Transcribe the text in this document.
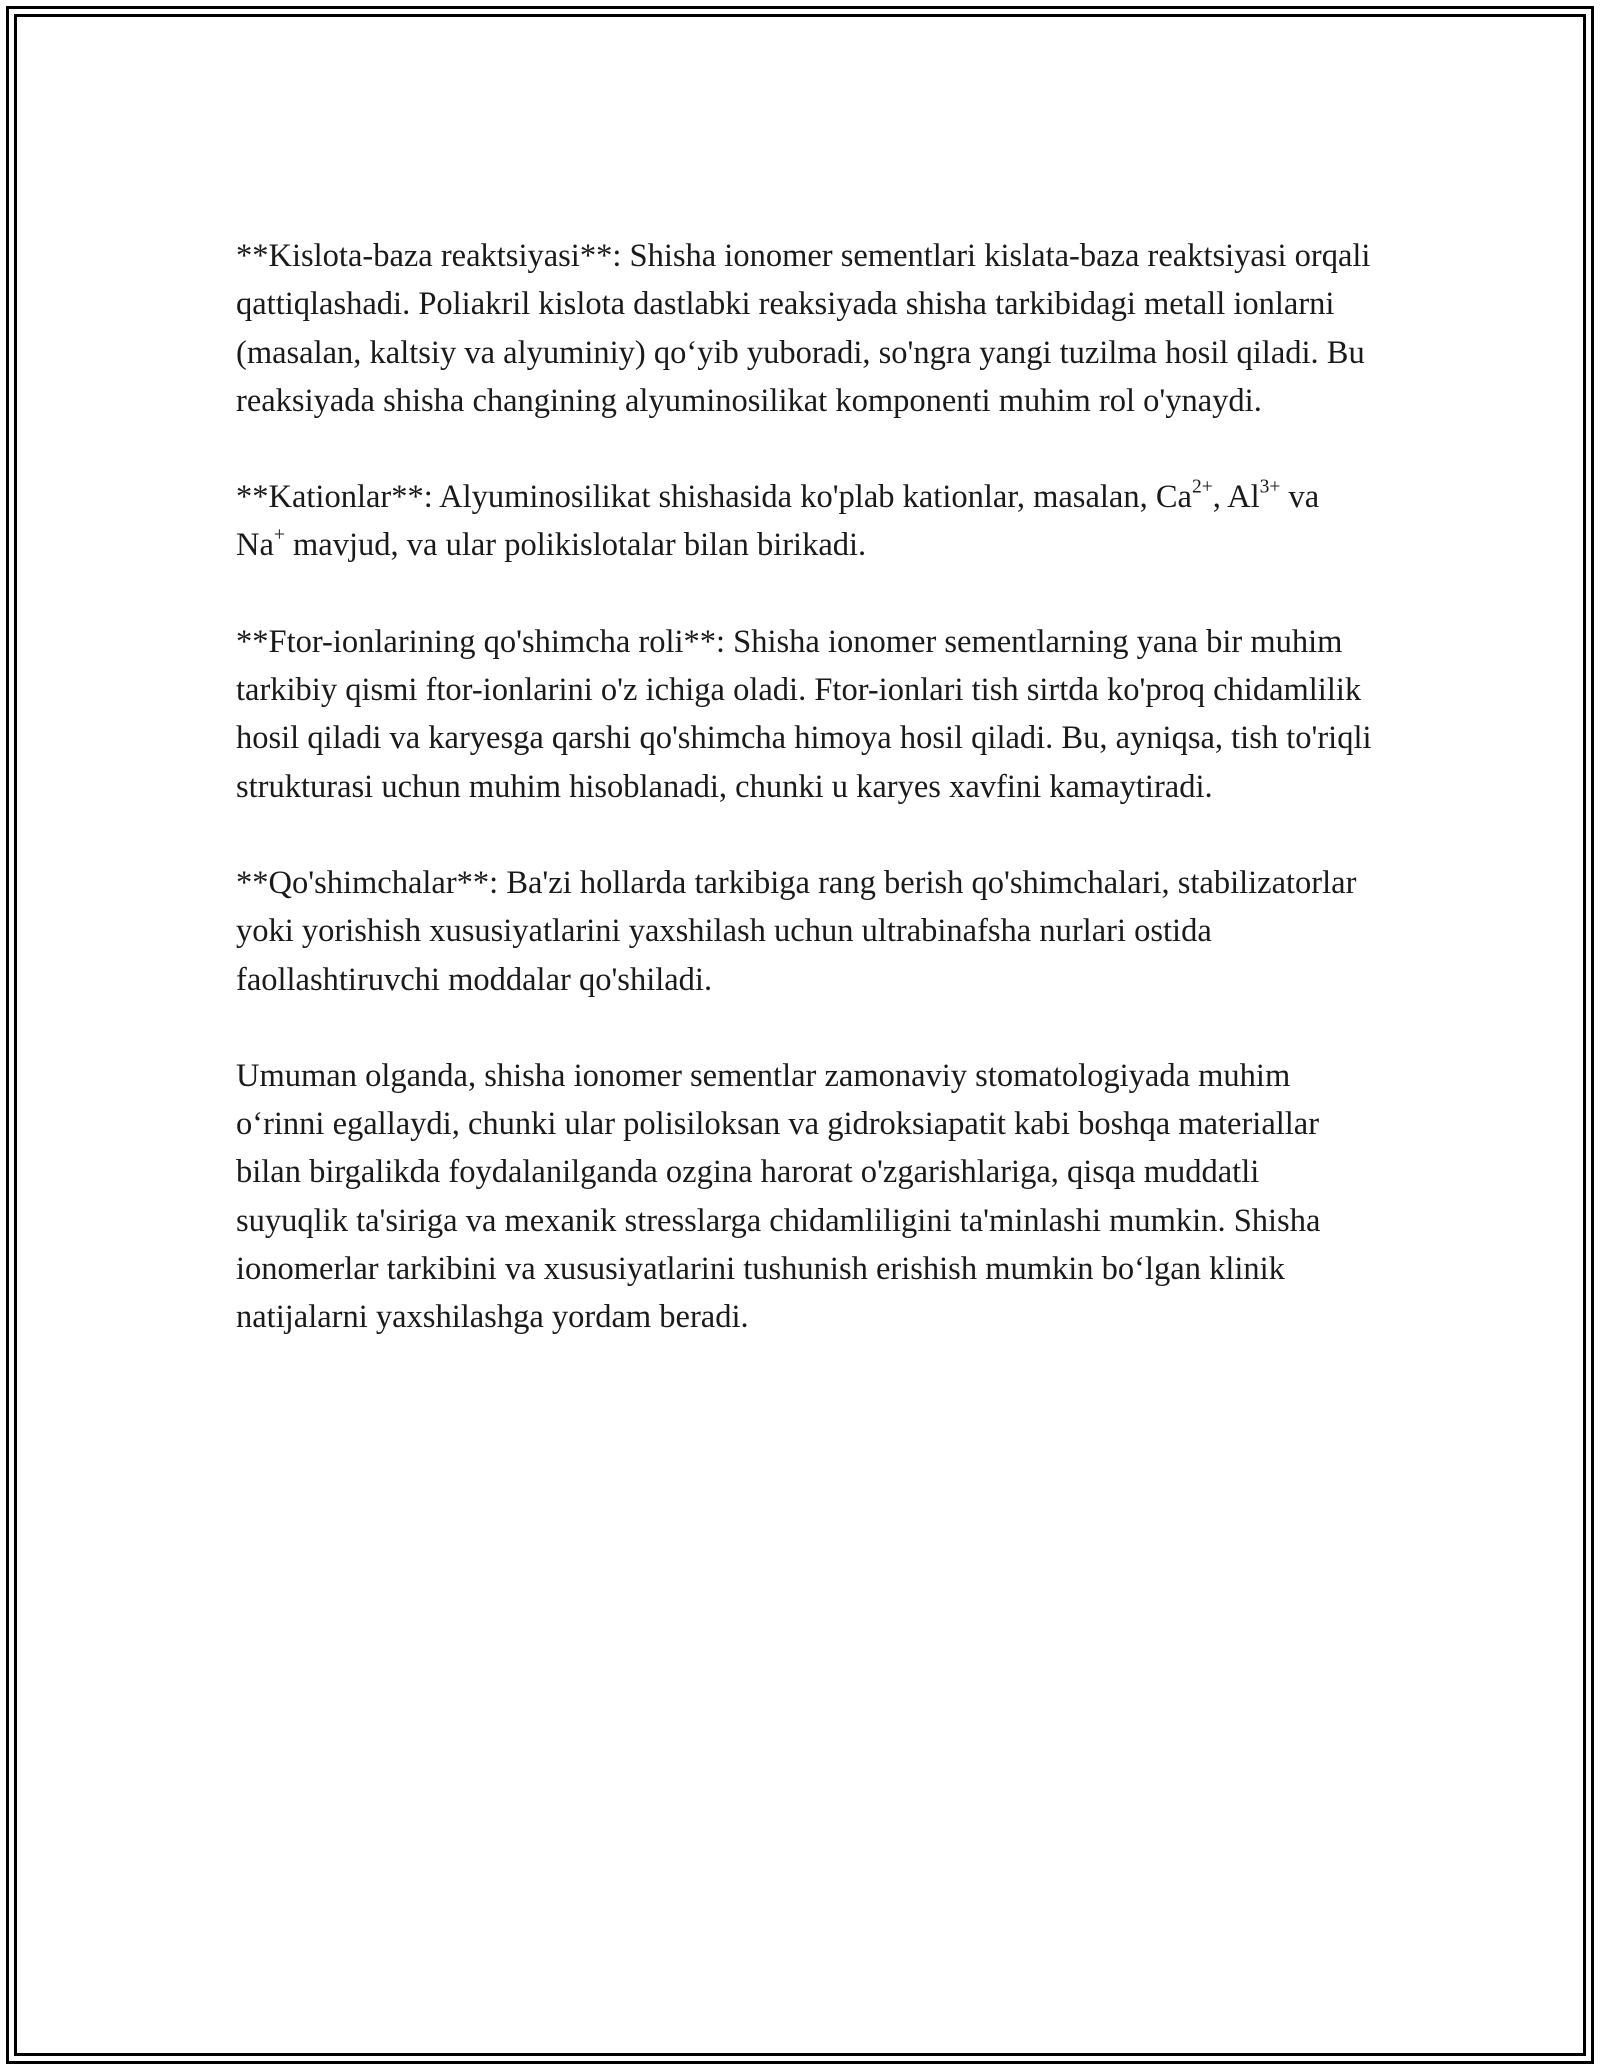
**Kislota-baza reaktsiyasi**: Shisha ionomer sementlari kislata-baza reaktsiyasi orqali qattiqlashadi. Poliakril kislota dastlabki reaksiyada shisha tarkibidagi metall ionlarni (masalan, kaltsiy va alyuminiy) qo‘yib yuboradi, so'ngra yangi tuzilma hosil qiladi. Bu reaksiyada shisha changining alyuminosilikat komponenti muhim rol o'ynaydi.

**Kationlar**: Alyuminosilikat shishasida ko'plab kationlar, masalan, $Ca^{2+}$, $Al^{3+}$ va Na+ mavjud, va ular polikislotalar bilan birikadi.

**Ftor-ionlarining qo'shimcha roli**: Shisha ionomer sementlarning yana bir muhim tarkibiy qismi ftor-ionlarini o'z ichiga oladi. Ftor-ionlari tish sirtda ko'proq chidamlilik hosil qiladi va karyesga qarshi qo'shimcha himoya hosil qiladi. Bu, ayniqsa, tish to'riqli strukturasi uchun muhim hisoblanadi, chunki u karyes xavfini kamaytiradi.

**Qo'shimchalar**: Ba'zi hollarda tarkibiga rang berish qo'shimchalari, stabilizatorlar yoki yorishish xususiyatlarini yaxshilash uchun ultrabinafsha nurlari ostida faollashtiruvchi moddalar qo'shiladi.

Umuman olganda, shisha ionomer sementlar zamonaviy stomatologiyada muhim o‘rinni egallaydi, chunki ular polisiloksan va gidroksiapatit kabi boshqa materiallar bilan birgalikda foydalanilganda ozgina harorat o'zgarishlariga, qisqa muddatli suyuqlik ta'siriga va mexanik stresslarga chidamliligini ta'minlashi mumkin. Shisha ionomerlar tarkibini va xususiyatlarini tushunish erishish mumkin bo‘lgan klinik natijalarni yaxshilashga yordam beradi.
